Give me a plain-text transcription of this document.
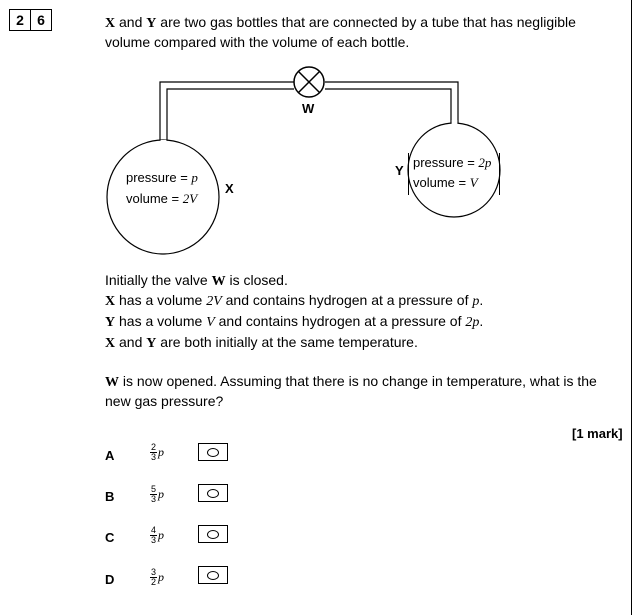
2 6	X and Y are two gas bottles that are connected by a tube that has negligible
volume compared with the volume of each bottle.
W
pressure = p
volume = 2V
X
Y
pressure = 2p
volume = V
Initially the valve W is closed.
X has a volume 2V and contains hydrogen at a pressure of p.
Y has a volume V and contains hydrogen at a pressure of 2p.
X and Y are both initially at the same temperature.
W is now opened. Assuming that there is no change in temperature, what is the
new gas pressure?
[1 mark]
A
2
3 p
B	5
3 p
C	4
3 p
D	3
2 p
